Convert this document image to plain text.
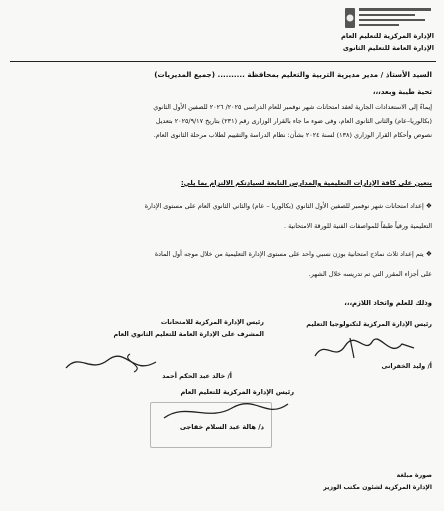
الإدارة المركزية للتعليم العام
الإدارة العامة للتعليم الثانوى
السيد الأستاذ / مدير مديرية التربية والتعليم بمحافظة .......... (جميع المديريات)
تحية طيبة وبعد،،،
إيماءً إلى الاستعدادات الجارية لعقد امتحانات شهر نوفمبر للعام الدراسى ٢٠٢٥/ ٢٠٢٦ للصفين الأول الثانوي
(بكالوريا–عام) والثانى الثانوى العام، وفى ضوء ما جاء بالقرار الوزارى رقم (٢٣١) بتاريخ ٢٠٢٥/٩/١٧ بتعديل
نصوص وأحكام القرار الوزاري (١٣٨) لسنة ٢٠٢٤ بشأن: نظام الدراسة والتقييم لطلاب مرحلة الثانوى العام.
يتعين على كافة الإدارات التعليمية والمدارس التابعة لسيادتكم الالتزام بما يلي:
❖إعداد امتحانات شهر نوفمبر للصفين الأول الثانوي (بكالوريا – عام) والثاني الثانوي العام على مستوى الإدارة
التعليمية ورقياً طبقاً للمواصفات الفنية للورقة الامتحانية .
❖يتم إعداد ثلاث نماذج امتحانية بوزن نسبي واحد على مستوى الإدارة التعليمية من خلال موجه أول المادة
على أجزاء المقرر التي تم تدريسه خلال الشهر.
وذلك للعلم واتخاذ اللازم،،،
رئيس الإدارة المركزية لتكنولوجيا التعليم
رئيس الإدارة المركزية للامتحانات
المشرف على الإدارة العامة للتعليم الثانوي العام
أ/ وليد الخفرانى
أ/ خالد عبد الحكم أحمد
رئيس الإدارة المركزية للتعليم العام
د/ هالة عبد السلام خفاجى
صورة مبلغة
الإدارة المركزية لشئون مكتب الوزير
